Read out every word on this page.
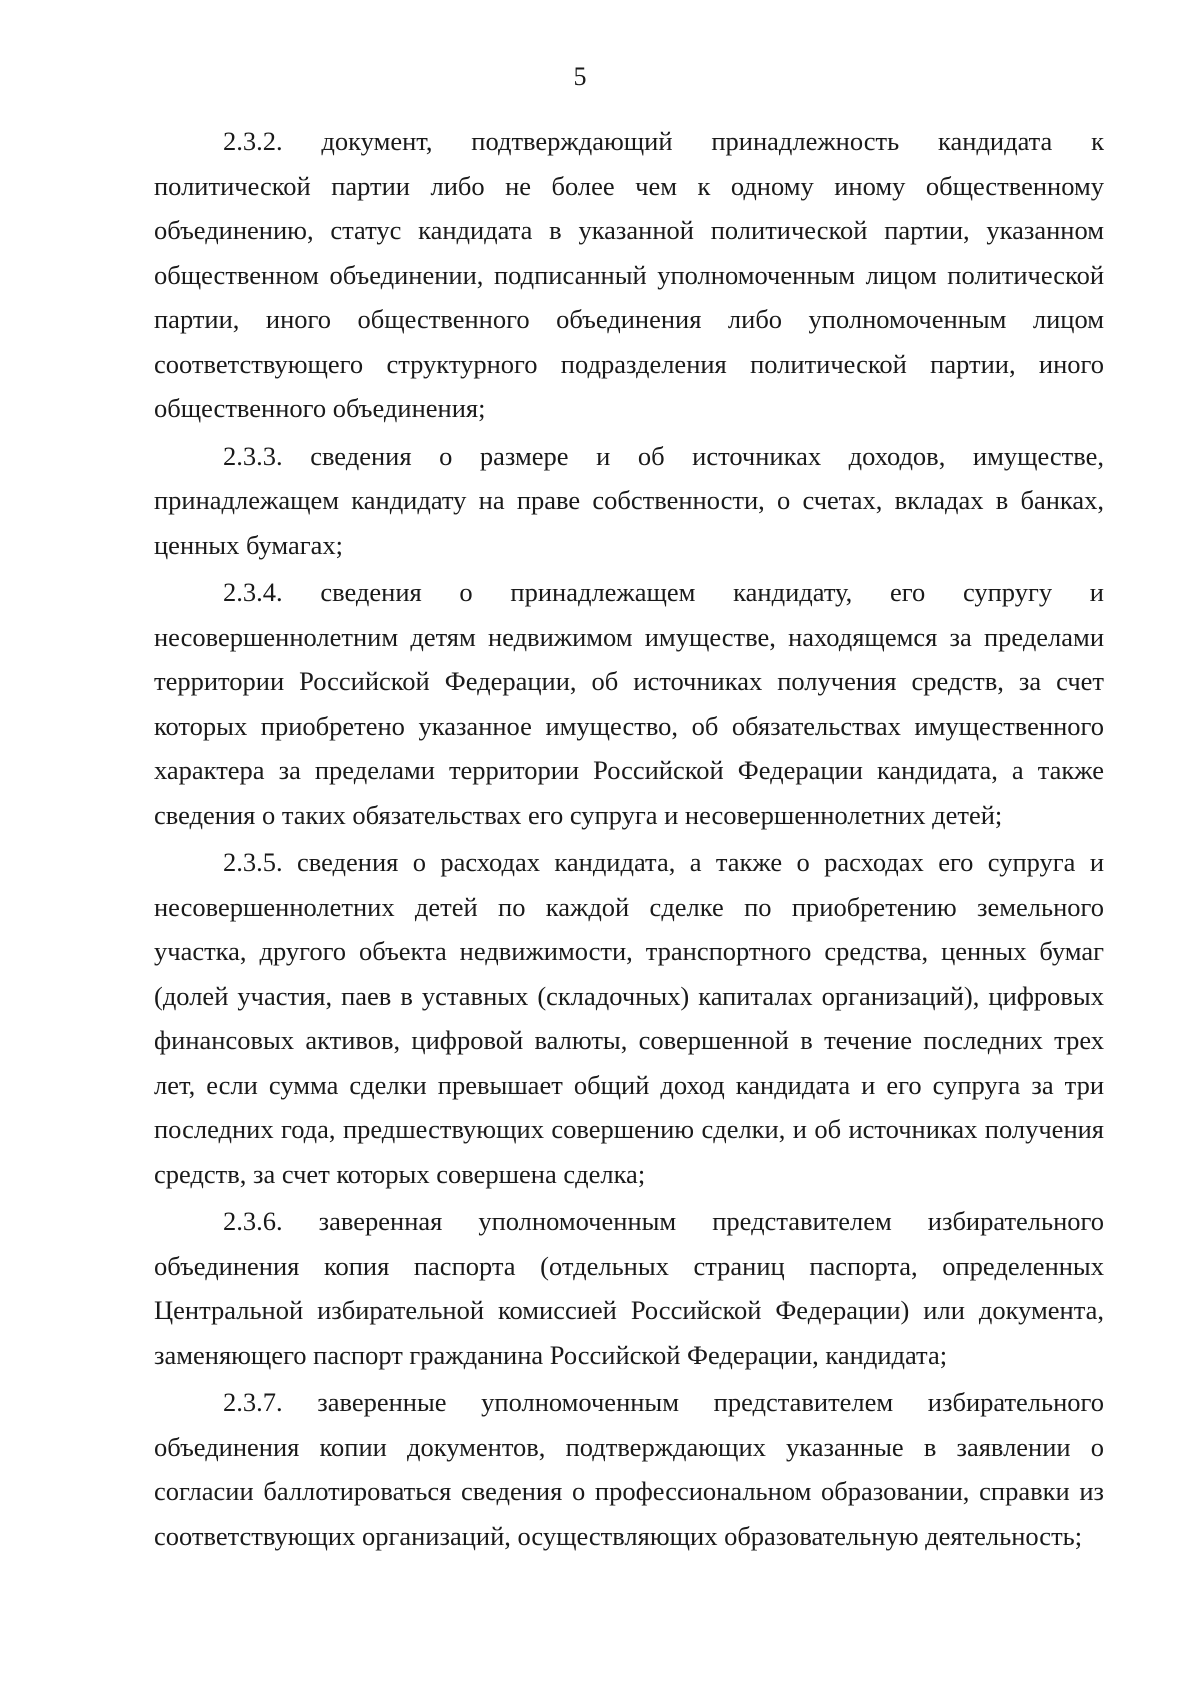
5

2.3.2. документ, подтверждающий принадлежность кандидата к политической партии либо не более чем к одному иному общественному объединению, статус кандидата в указанной политической партии, указанном общественном объединении, подписанный уполномоченным лицом политической партии, иного общественного объединения либо уполномоченным лицом соответствующего структурного подразделения политической партии, иного общественного объединения;

2.3.3. сведения о размере и об источниках доходов, имуществе, принадлежащем кандидату на праве собственности, о счетах, вкладах в банках, ценных бумагах;

2.3.4. сведения о принадлежащем кандидату, его супругу и несовершеннолетним детям недвижимом имуществе, находящемся за пределами территории Российской Федерации, об источниках получения средств, за счет которых приобретено указанное имущество, об обязательствах имущественного характера за пределами территории Российской Федерации кандидата, а также сведения о таких обязательствах его супруга и несовершеннолетних детей;

2.3.5. сведения о расходах кандидата, а также о расходах его супруга и несовершеннолетних детей по каждой сделке по приобретению земельного участка, другого объекта недвижимости, транспортного средства, ценных бумаг (долей участия, паев в уставных (складочных) капиталах организаций), цифровых финансовых активов, цифровой валюты, совершенной в течение последних трех лет, если сумма сделки превышает общий доход кандидата и его супруга за три последних года, предшествующих совершению сделки, и об источниках получения средств, за счет которых совершена сделка;

2.3.6. заверенная уполномоченным представителем избирательного объединения копия паспорта (отдельных страниц паспорта, определенных Центральной избирательной комиссией Российской Федерации) или документа, заменяющего паспорт гражданина Российской Федерации, кандидата;

2.3.7. заверенные уполномоченным представителем избирательного объединения копии документов, подтверждающих указанные в заявлении о согласии баллотироваться сведения о профессиональном образовании, справки из соответствующих организаций, осуществляющих образовательную деятельность;
